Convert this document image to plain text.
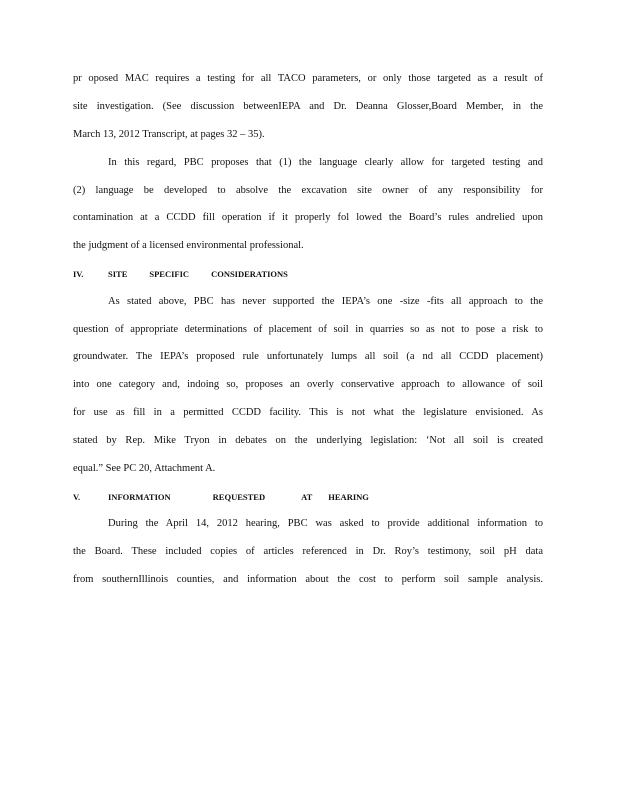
pr oposed MAC requires a testing for all TACO parameters, or only those targeted as a result of
site investigation. (See discussion betweenIEPA and Dr. Deanna Glosser,Board Member, in the
March 13, 2012 Transcript, at pages 32 – 35).
In this regard, PBC proposes that (1) the language clearly allow for targeted testing and
(2) language be developed to absolve the excavation site owner of any responsibility for
contamination at a CCDD fill operation if it properly fol lowed the Board’s rules andrelied upon
the judgment of a licensed environmental professional.
IV.	SITE	SPECIFIC	CONSIDERATIONS
As stated above, PBC has never supported the IEPA’s one -size -fits all approach to the
question of appropriate determinations of placement of soil in quarries so as not to pose a risk to
groundwater. The IEPA’s proposed rule unfortunately lumps all soil (a nd all CCDD placement)
into one category and, indoing so, proposes an overly conservative approach to allowance of soil
for use as fill in a permitted CCDD facility. This is not what the legislature envisioned. As
stated by Rep. Mike Tryon in debates on the underlying legislation: ‘Not all soil is created
equal.” See PC 20, Attachment A.
V.	INFORMATION	REQUESTED	AT HEARING
During the April 14, 2012 hearing, PBC was asked to provide additional information to
the Board. These included copies of articles referenced in Dr. Roy’s testimony, soil pH data
from southernIllinois counties, and information about the cost to perform soil sample analysis.
